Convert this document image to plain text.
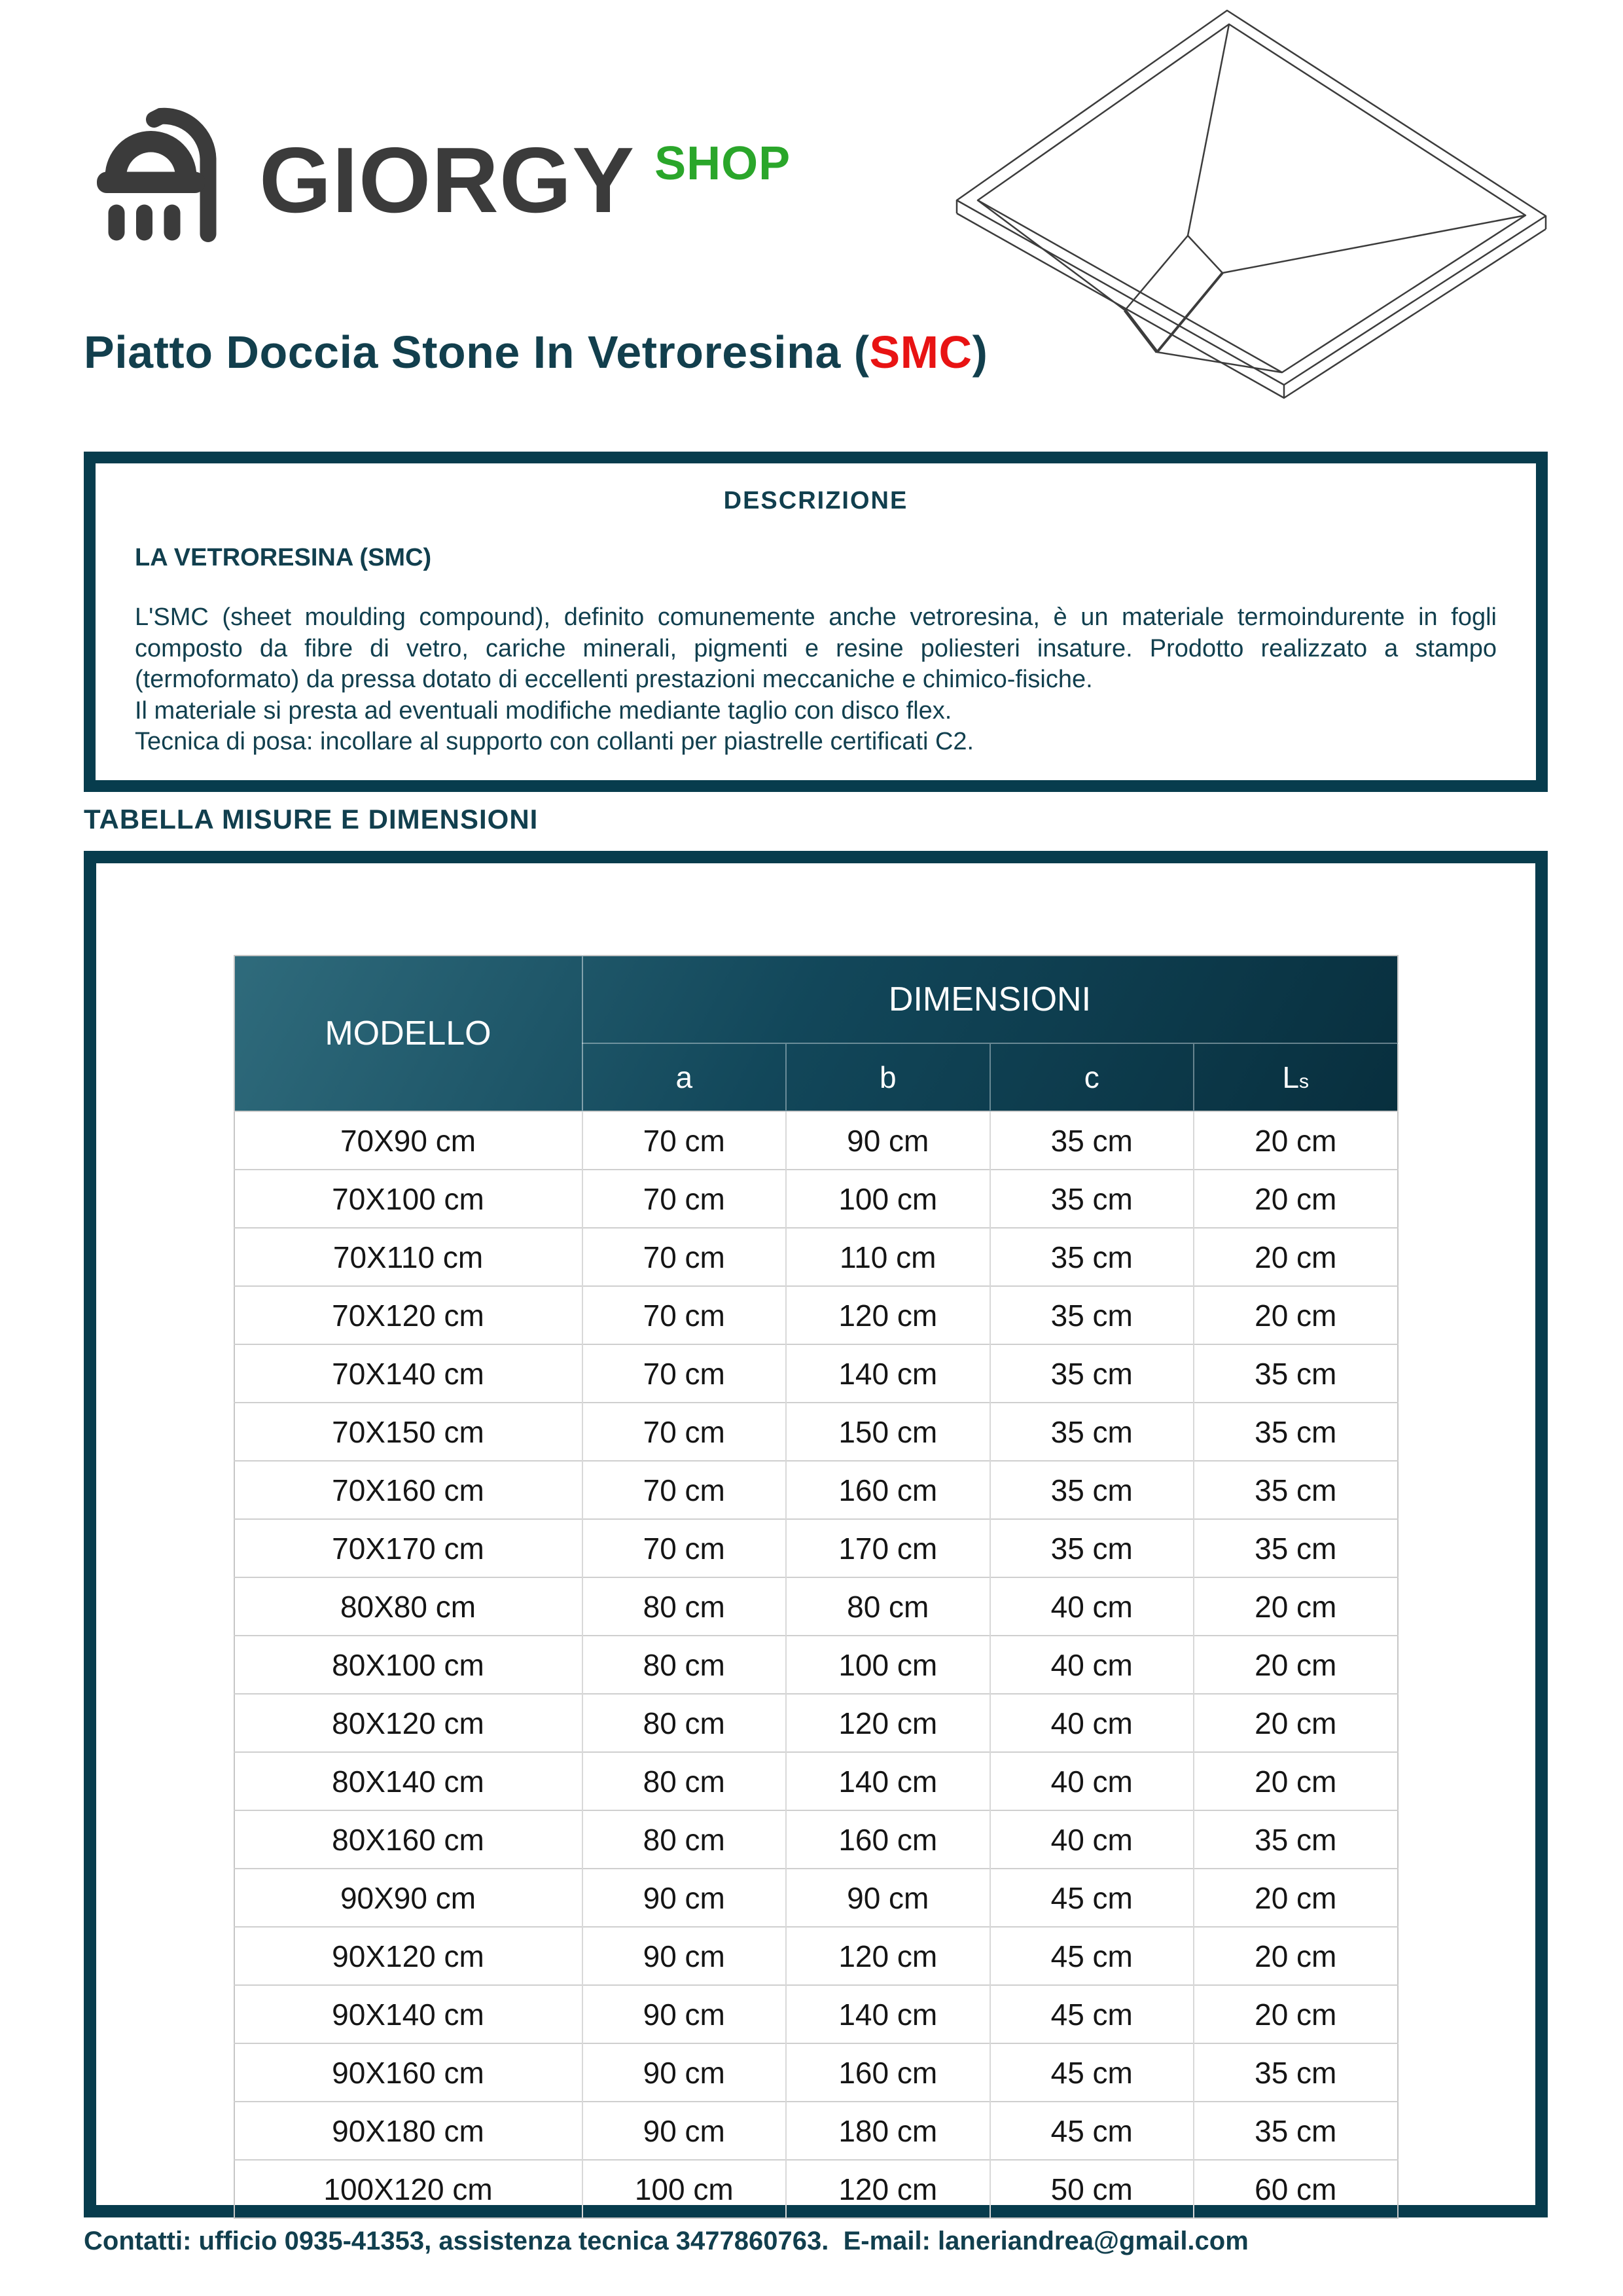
GIORGY SHOP
Piatto Doccia Stone In Vetroresina (SMC)
DESCRIZIONE
LA VETRORESINA (SMC)

L'SMC (sheet moulding compound), definito comunemente anche vetroresina, è un materiale termoindurente in fogli composto da fibre di vetro, cariche minerali, pigmenti e resine poliesteri insature. Prodotto realizzato a stampo (termoformato) da pressa dotato di eccellenti prestazioni meccaniche e chimico-fisiche.

Il materiale si presta ad eventuali modifiche mediante taglio con disco flex.

Tecnica di posa: incollare al supporto con collanti per piastrelle certificati C2.

TABELLA MISURE E DIMENSIONI
MODELLO	DIMENSIONI			
	a	b	c	Ls
70X90 cm	70 cm	90 cm	35 cm	20 cm
70X100 cm	70 cm	100 cm	35 cm	20 cm
70X110 cm	70 cm	110 cm	35 cm	20 cm
70X120 cm	70 cm	120 cm	35 cm	20 cm
70X140 cm	70 cm	140 cm	35 cm	35 cm
70X150 cm	70 cm	150 cm	35 cm	35 cm
70X160 cm	70 cm	160 cm	35 cm	35 cm
70X170 cm	70 cm	170 cm	35 cm	35 cm
80X80 cm	80 cm	80 cm	40 cm	20 cm
80X100 cm	80 cm	100 cm	40 cm	20 cm
80X120 cm	80 cm	120 cm	40 cm	20 cm
80X140 cm	80 cm	140 cm	40 cm	20 cm
80X160 cm	80 cm	160 cm	40 cm	35 cm
90X90 cm	90 cm	90 cm	45 cm	20 cm
90X120 cm	90 cm	120 cm	45 cm	20 cm
90X140 cm	90 cm	140 cm	45 cm	20 cm
90X160 cm	90 cm	160 cm	45 cm	35 cm
90X180 cm	90 cm	180 cm	45 cm	35 cm
100X120 cm	100 cm	120 cm	50 cm	60 cm
Contatti: ufficio 0935-41353, assistenza tecnica 3477860763.  E-mail: laneriandrea@gmail.com
